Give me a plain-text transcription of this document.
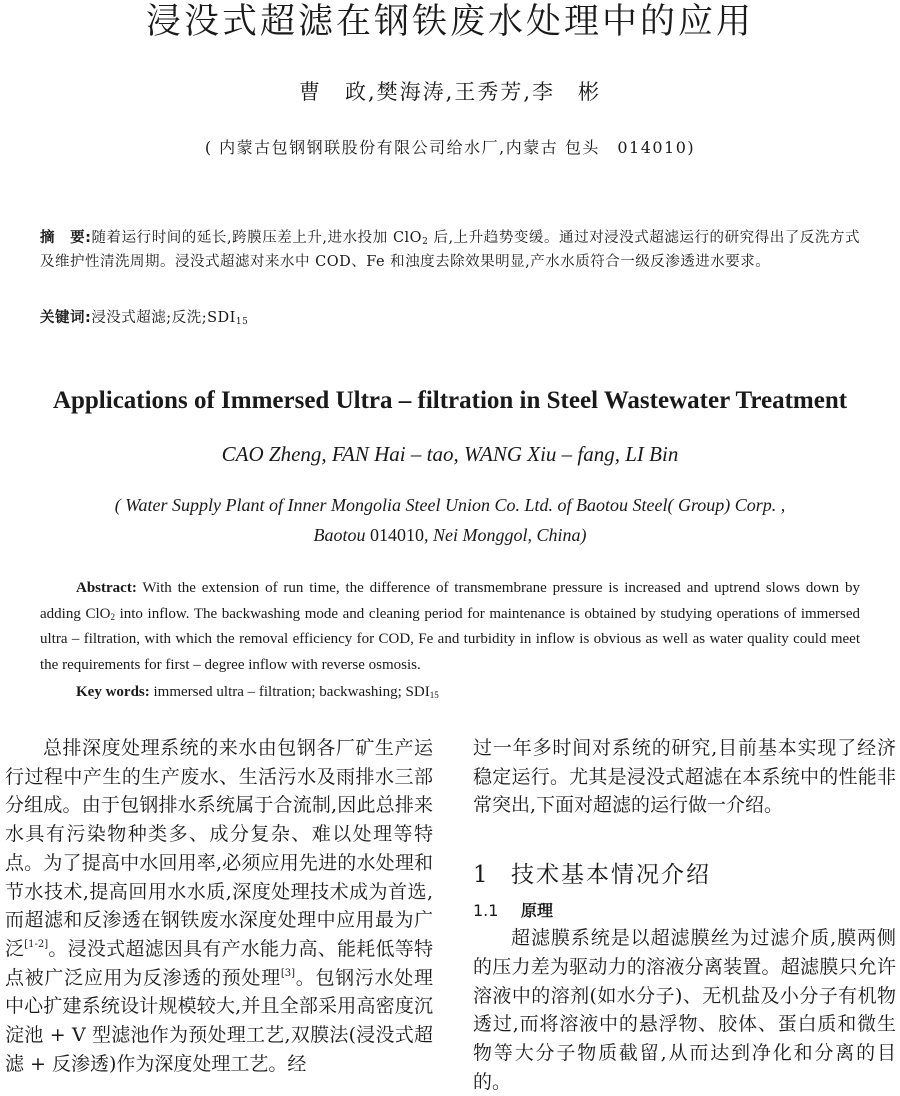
浸没式超滤在钢铁废水处理中的应用
曹　政,樊海涛,王秀芳,李　彬
( 内蒙古包钢钢联股份有限公司给水厂,内蒙古 包头　014010)
摘　要:随着运行时间的延长,跨膜压差上升,进水投加 ClO$_2$ 后,上升趋势变缓。通过对浸没式超滤运行的研究得出了反洗方式及维护性清洗周期。浸没式超滤对来水中 COD、Fe 和浊度去除效果明显,产水水质符合一级反渗透进水要求。
关键词:浸没式超滤;反洗$;SDI_{15}$
Applications of Immersed Ultra – filtration in Steel Wastewater Treatment
CAO Zheng, FAN Hai – tao, WANG Xiu – fang, LI Bin
( Water Supply Plant of Inner Mongolia Steel Union Co. Ltd. of Baotou Steel( Group) Corp. ,
Baotou 014010, Nei Monggol, China)
Abstract: With the extension of run time, the difference of transmembrane pressure is increased and uptrend slows down by adding ClO$_2$ into inflow. The backwashing mode and cleaning period for maintenance is obtained by studying operations of immersed ultra – filtration, with which the removal efficiency for COD, Fe and turbidity in inflow is obvious as well as water quality could meet the requirements for first – degree inflow with reverse osmosis.
Key words: immersed ultra – filtration; backwashing; $SDI_{15}$
总排深度处理系统的来水由包钢各厂矿生产运行过程中产生的生产废水、生活污水及雨排水三部分组成。由于包钢排水系统属于合流制,因此总排来水具有污染物种类多、成分复杂、难以处理等特点。为了提高中水回用率,必须应用先进的水处理和节水技术,提高回用水水质,深度处理技术成为首选,而超滤和反渗透在钢铁废水深度处理中应用最为广泛[1-2]。浸没式超滤因具有产水能力高、能耗低等特点被广泛应用为反渗透的预处理[3]。包钢污水处理中心扩建系统设计规模较大,并且全部采用高密度沉淀池 + V 型滤池作为预处理工艺,双膜法(浸没式超滤 + 反渗透)作为深度处理工艺。经

过一年多时间对系统的研究,目前基本实现了经济稳定运行。尤其是浸没式超滤在本系统中的性能非常突出,下面对超滤的运行做一介绍。

1 技术基本情况介绍

1.1 原理

超滤膜系统是以超滤膜丝为过滤介质,膜两侧的压力差为驱动力的溶液分离装置。超滤膜只允许溶液中的溶剂(如水分子)、无机盐及小分子有机物透过,而将溶液中的悬浮物、胶体、蛋白质和微生物等大分子物质截留,从而达到净化和分离的目的。
